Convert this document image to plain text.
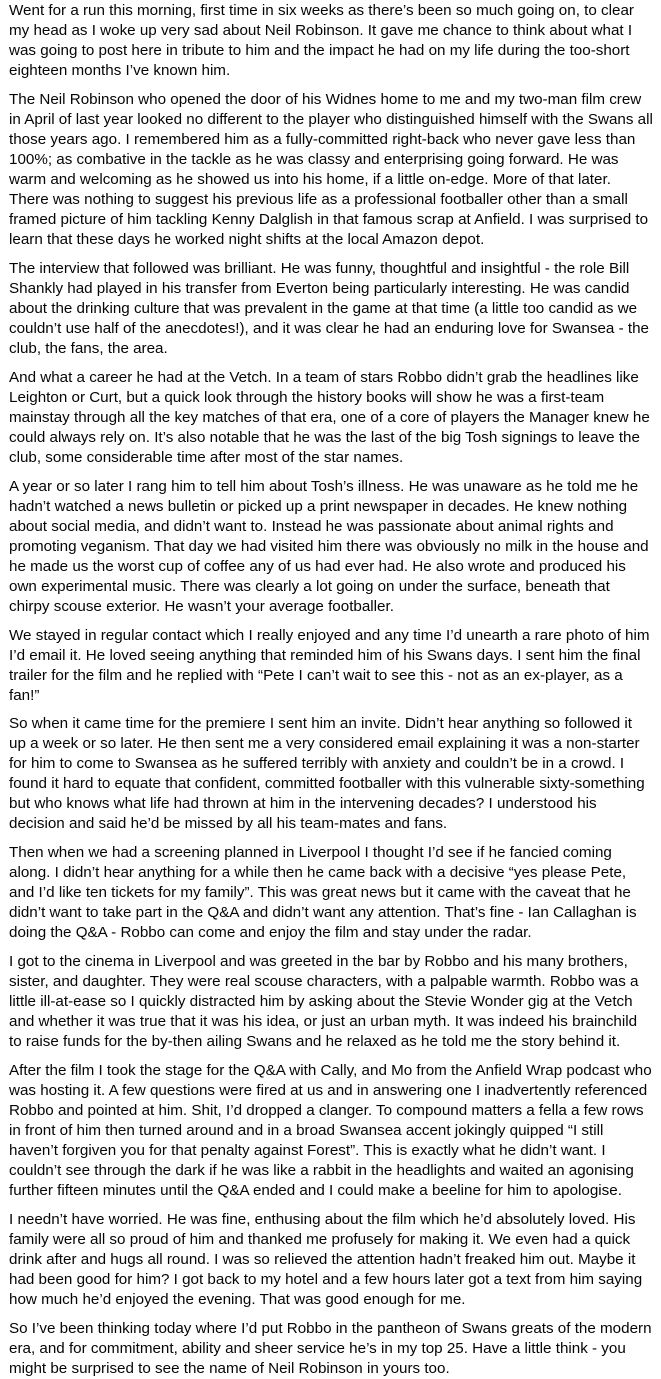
Went for a run this morning, first time in six weeks as there’s been so much going on, to clear my head as I woke up very sad about Neil Robinson. It gave me chance to think about what I was going to post here in tribute to him and the impact he had on my life during the too-short eighteen months I’ve known him.

The Neil Robinson who opened the door of his Widnes home to me and my two-man film crew in April of last year looked no different to the player who distinguished himself with the Swans all those years ago. I remembered him as a fully-committed right-back who never gave less than 100%; as combative in the tackle as he was classy and enterprising going forward. He was warm and welcoming as he showed us into his home, if a little on-edge. More of that later. There was nothing to suggest his previous life as a professional footballer other than a small framed picture of him tackling Kenny Dalglish in that famous scrap at Anfield. I was surprised to learn that these days he worked night shifts at the local Amazon depot.

The interview that followed was brilliant. He was funny, thoughtful and insightful - the role Bill Shankly had played in his transfer from Everton being particularly interesting. He was candid about the drinking culture that was prevalent in the game at that time (a little too candid as we couldn’t use half of the anecdotes!), and it was clear he had an enduring love for Swansea - the club, the fans, the area.

And what a career he had at the Vetch. In a team of stars Robbo didn’t grab the headlines like Leighton or Curt, but a quick look through the history books will show he was a first-team mainstay through all the key matches of that era, one of a core of players the Manager knew he could always rely on. It’s also notable that he was the last of the big Tosh signings to leave the club, some considerable time after most of the star names.

A year or so later I rang him to tell him about Tosh’s illness. He was unaware as he told me he hadn’t watched a news bulletin or picked up a print newspaper in decades. He knew nothing about social media, and didn’t want to. Instead he was passionate about animal rights and promoting veganism. That day we had visited him there was obviously no milk in the house and he made us the worst cup of coffee any of us had ever had. He also wrote and produced his own experimental music. There was clearly a lot going on under the surface, beneath that chirpy scouse exterior. He wasn’t your average footballer.

We stayed in regular contact which I really enjoyed and any time I’d unearth a rare photo of him I’d email it. He loved seeing anything that reminded him of his Swans days. I sent him the final trailer for the film and he replied with “Pete I can’t wait to see this - not as an ex-player, as a fan!”

So when it came time for the premiere I sent him an invite. Didn’t hear anything so followed it up a week or so later. He then sent me a very considered email explaining it was a non-starter for him to come to Swansea as he suffered terribly with anxiety and couldn’t be in a crowd. I found it hard to equate that confident, committed footballer with this vulnerable sixty-something but who knows what life had thrown at him in the intervening decades? I understood his decision and said he’d be missed by all his team-mates and fans.

Then when we had a screening planned in Liverpool I thought I’d see if he fancied coming along. I didn’t hear anything for a while then he came back with a decisive “yes please Pete, and I’d like ten tickets for my family”. This was great news but it came with the caveat that he didn’t want to take part in the Q&A and didn’t want any attention. That’s fine - Ian Callaghan is doing the Q&A - Robbo can come and enjoy the film and stay under the radar.

I got to the cinema in Liverpool and was greeted in the bar by Robbo and his many brothers, sister, and daughter. They were real scouse characters, with a palpable warmth. Robbo was a little ill-at-ease so I quickly distracted him by asking about the Stevie Wonder gig at the Vetch and whether it was true that it was his idea, or just an urban myth. It was indeed his brainchild to raise funds for the by-then ailing Swans and he relaxed as he told me the story behind it.

After the film I took the stage for the Q&A with Cally, and Mo from the Anfield Wrap podcast who was hosting it. A few questions were fired at us and in answering one I inadvertently referenced Robbo and pointed at him. Shit, I’d dropped a clanger. To compound matters a fella a few rows in front of him then turned around and in a broad Swansea accent jokingly quipped “I still haven’t forgiven you for that penalty against Forest”. This is exactly what he didn’t want. I couldn’t see through the dark if he was like a rabbit in the headlights and waited an agonising further fifteen minutes until the Q&A ended and I could make a beeline for him to apologise.

I needn’t have worried. He was fine, enthusing about the film which he’d absolutely loved. His family were all so proud of him and thanked me profusely for making it. We even had a quick drink after and hugs all round. I was so relieved the attention hadn’t freaked him out. Maybe it had been good for him? I got back to my hotel and a few hours later got a text from him saying how much he’d enjoyed the evening. That was good enough for me.

So I’ve been thinking today where I’d put Robbo in the pantheon of Swans greats of the modern era, and for commitment, ability and sheer service he’s in my top 25. Have a little think - you might be surprised to see the name of Neil Robinson in yours too.
